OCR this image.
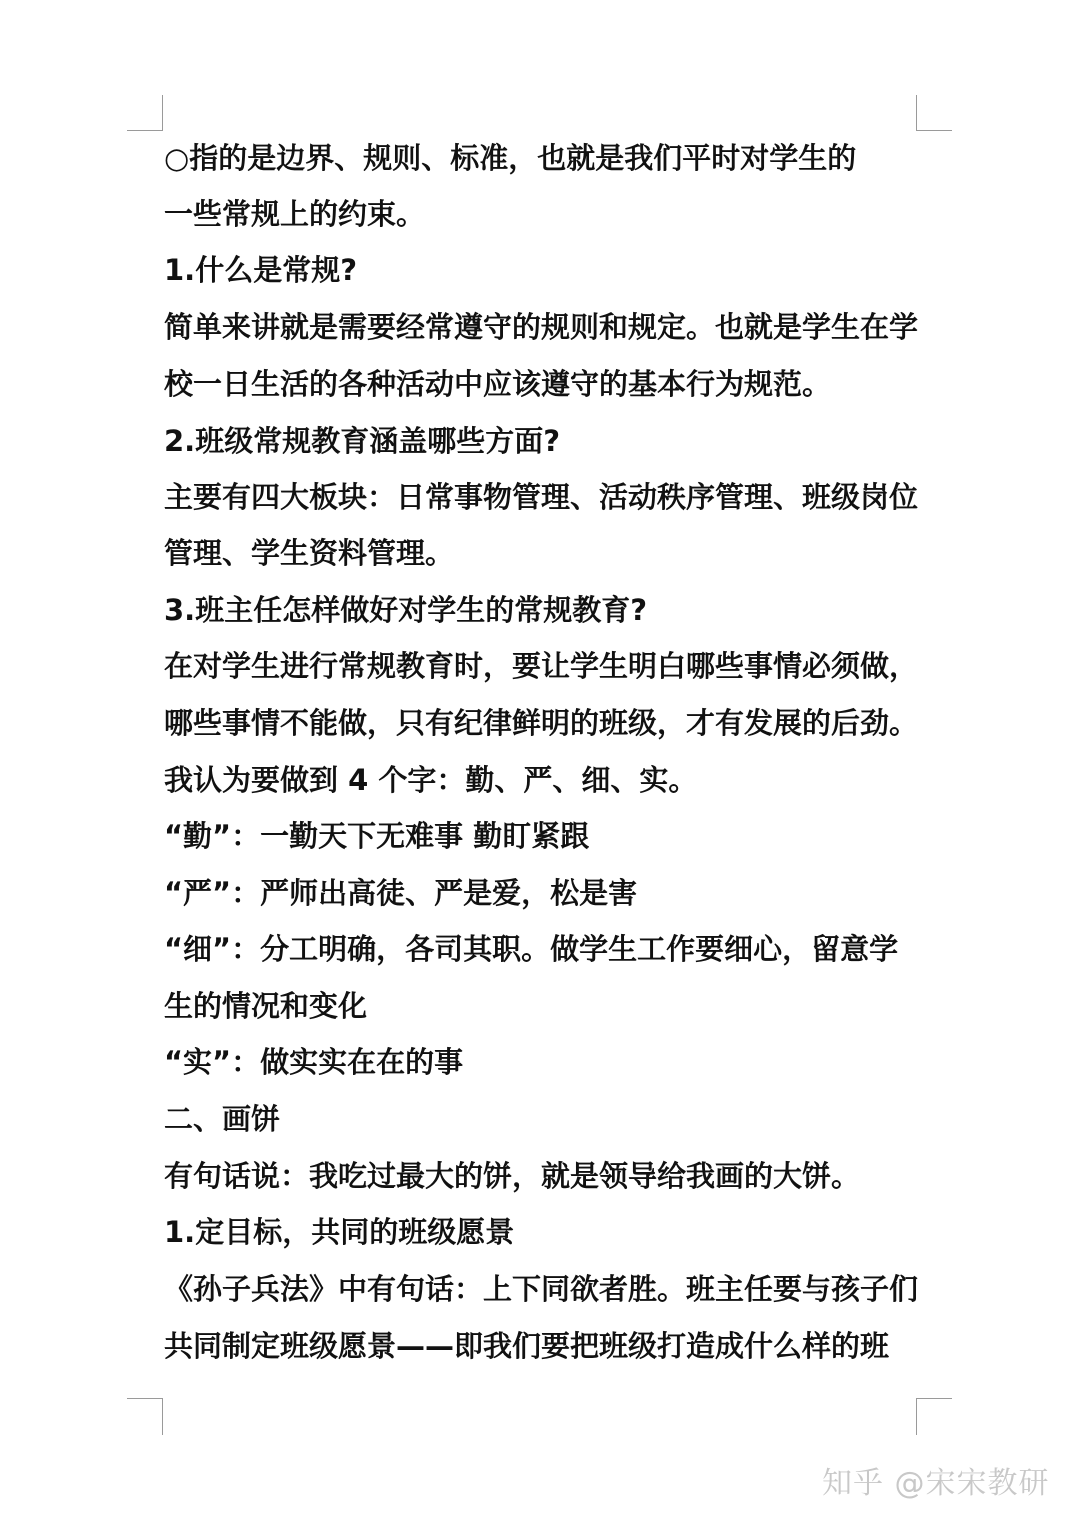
○指的是边界、规则、标准，也就是我们平时对学生的
一些常规上的约束。
1.什么是常规?
简单来讲就是需要经常遵守的规则和规定。也就是学生在学
校一日生活的各种活动中应该遵守的基本行为规范。
2.班级常规教育涵盖哪些方面?
主要有四大板块：日常事物管理、活动秩序管理、班级岗位
管理、学生资料管理。
3.班主任怎样做好对学生的常规教育?
在对学生进行常规教育时，要让学生明白哪些事情必须做，
哪些事情不能做，只有纪律鲜明的班级，才有发展的后劲。
我认为要做到 4 个字：勤、严、细、实。
“勤”：一勤天下无难事 勤盯紧跟
“严”：严师出高徒、严是爱，松是害
“细”：分工明确，各司其职。做学生工作要细心，留意学
生的情况和变化
“实”：做实实在在的事
二、画饼
有句话说：我吃过最大的饼，就是领导给我画的大饼。
1.定目标，共同的班级愿景
《孙子兵法》中有句话：上下同欲者胜。班主任要与孩子们
共同制定班级愿景——即我们要把班级打造成什么样的班
知乎 @宋宋教研
